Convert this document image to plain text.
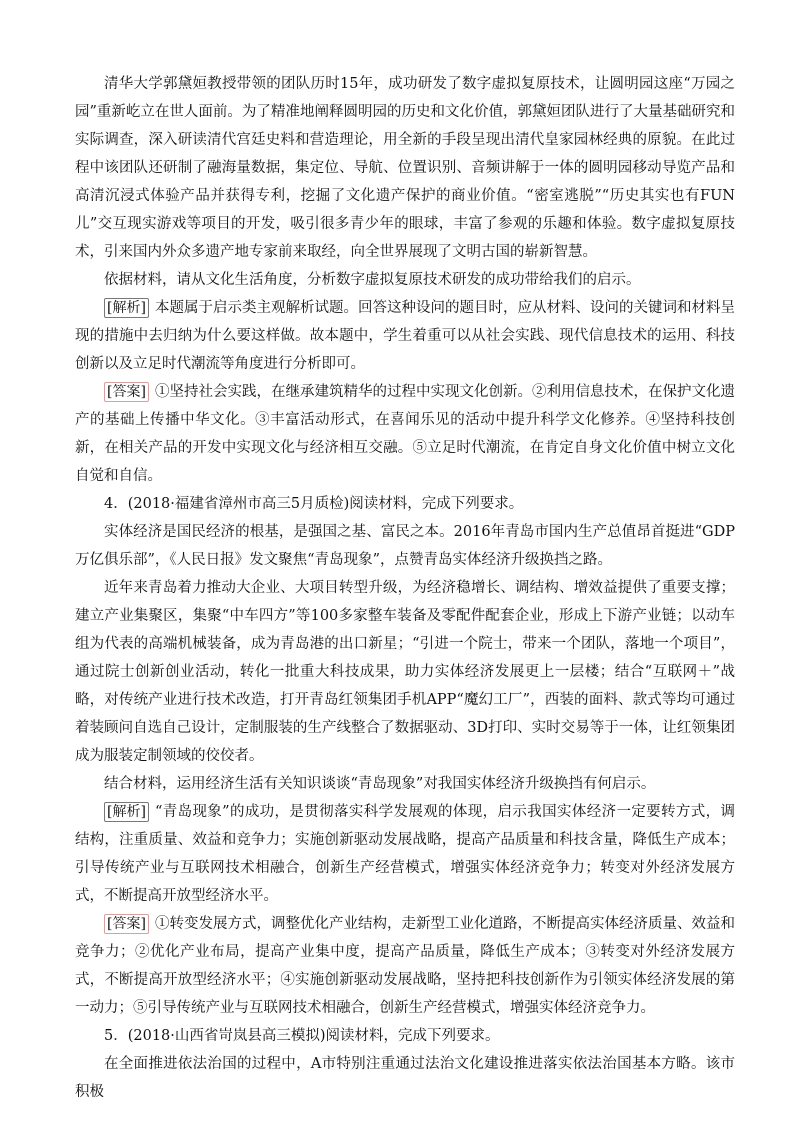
清华大学郭黛姮教授带领的团队历时15年，成功研发了数字虚拟复原技术，让圆明园这座“万园之园”重新屹立在世人面前。为了精准地阐释圆明园的历史和文化价值，郭黛姮团队进行了大量基础研究和实际调查，深入研读清代宫廷史料和营造理论，用全新的手段呈现出清代皇家园林经典的原貌。在此过程中该团队还研制了融海量数据，集定位、导航、位置识别、音频讲解于一体的圆明园移动导览产品和高清沉浸式体验产品并获得专利，挖掘了文化遗产保护的商业价值。“密室逃脱”“历史其实也有FUN儿”交互现实游戏等项目的开发，吸引很多青少年的眼球，丰富了参观的乐趣和体验。数字虚拟复原技术，引来国内外众多遗产地专家前来取经，向全世界展现了文明古国的崭新智慧。

依据材料，请从文化生活角度，分析数字虚拟复原技术研发的成功带给我们的启示。

[解析] 本题属于启示类主观解析试题。回答这种设问的题目时，应从材料、设问的关键词和材料呈现的措施中去归纳为什么要这样做。故本题中，学生着重可以从社会实践、现代信息技术的运用、科技创新以及立足时代潮流等角度进行分析即可。

[答案] ①坚持社会实践，在继承建筑精华的过程中实现文化创新。②利用信息技术，在保护文化遗产的基础上传播中华文化。③丰富活动形式，在喜闻乐见的活动中提升科学文化修养。④坚持科技创新，在相关产品的开发中实现文化与经济相互交融。⑤立足时代潮流，在肯定自身文化价值中树立文化自觉和自信。

4．(2018·福建省漳州市高三5月质检)阅读材料，完成下列要求。

实体经济是国民经济的根基，是强国之基、富民之本。2016年青岛市国内生产总值昂首挺进“GDP万亿俱乐部”，《人民日报》发文聚焦“青岛现象”，点赞青岛实体经济升级换挡之路。

近年来青岛着力推动大企业、大项目转型升级，为经济稳增长、调结构、增效益提供了重要支撑；建立产业集聚区，集聚“中车四方”等100多家整车装备及零配件配套企业，形成上下游产业链；以动车组为代表的高端机械装备，成为青岛港的出口新星；“引进一个院士，带来一个团队，落地一个项目”，通过院士创新创业活动，转化一批重大科技成果，助力实体经济发展更上一层楼；结合“互联网＋”战略，对传统产业进行技术改造，打开青岛红领集团手机APP“魔幻工厂”，西装的面料、款式等均可通过着装顾问自选自己设计，定制服装的生产线整合了数据驱动、3D打印、实时交易等于一体，让红领集团成为服装定制领域的佼佼者。

结合材料，运用经济生活有关知识谈谈“青岛现象”对我国实体经济升级换挡有何启示。

[解析] “青岛现象”的成功，是贯彻落实科学发展观的体现，启示我国实体经济一定要转方式，调结构，注重质量、效益和竞争力；实施创新驱动发展战略，提高产品质量和科技含量，降低生产成本；引导传统产业与互联网技术相融合，创新生产经营模式，增强实体经济竞争力；转变对外经济发展方式，不断提高开放型经济水平。

[答案] ①转变发展方式，调整优化产业结构，走新型工业化道路，不断提高实体经济质量、效益和竞争力；②优化产业布局，提高产业集中度，提高产品质量，降低生产成本；③转变对外经济发展方式，不断提高开放型经济水平；④实施创新驱动发展战略，坚持把科技创新作为引领实体经济发展的第一动力；⑤引导传统产业与互联网技术相融合，创新生产经营模式，增强实体经济竞争力。

5．(2018·山西省岢岚县高三模拟)阅读材料，完成下列要求。

在全面推进依法治国的过程中，A市特别注重通过法治文化建设推进落实依法治国基本方略。该市积极
